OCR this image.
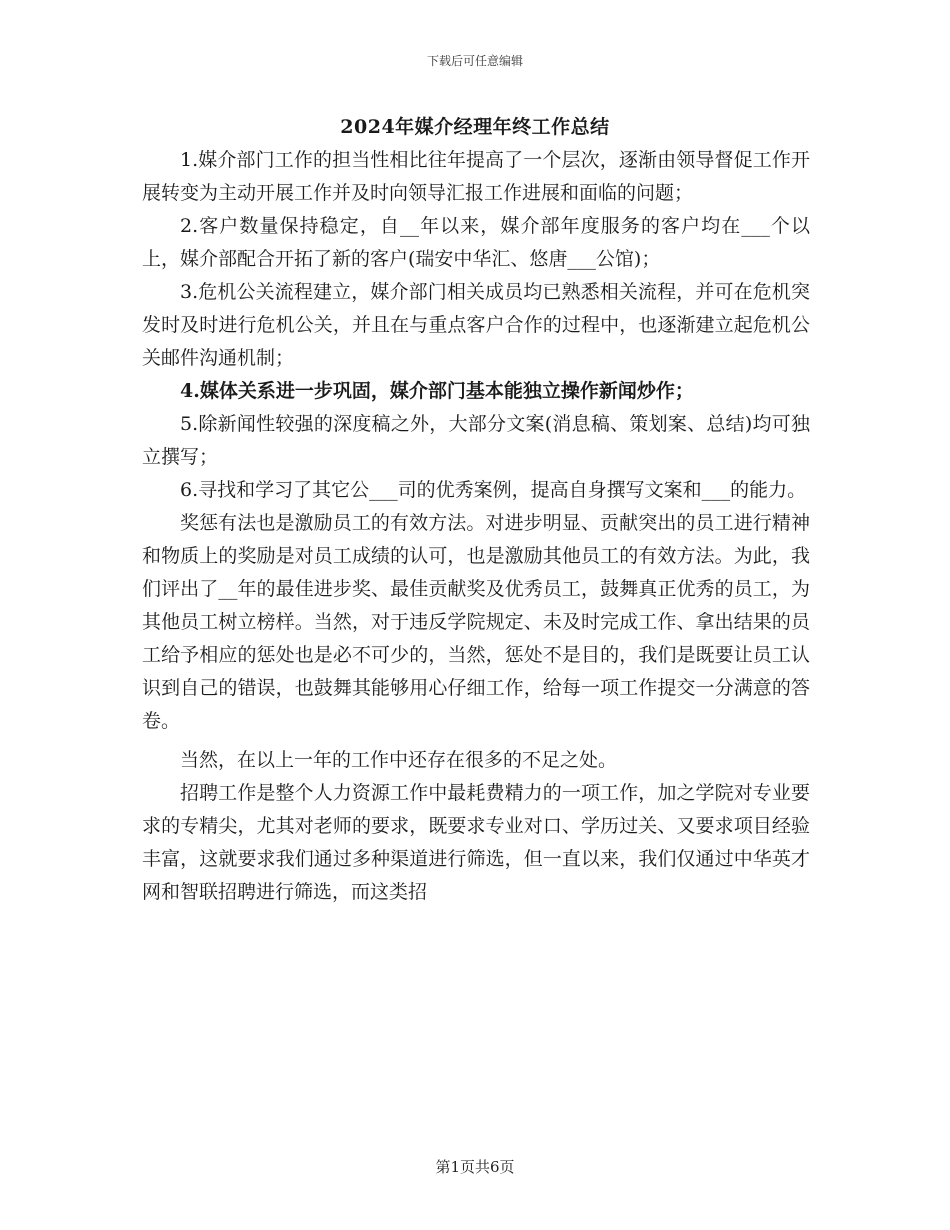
下载后可任意编辑
2024年媒介经理年终工作总结

1.媒介部门工作的担当性相比往年提高了一个层次，逐渐由领导督促工作开展转变为主动开展工作并及时向领导汇报工作进展和面临的问题；

2.客户数量保持稳定，自__年以来，媒介部年度服务的客户均在___个以上，媒介部配合开拓了新的客户(瑞安中华汇、悠唐___公馆)；

3.危机公关流程建立，媒介部门相关成员均已熟悉相关流程，并可在危机突发时及时进行危机公关，并且在与重点客户合作的过程中，也逐渐建立起危机公关邮件沟通机制；

4.媒体关系进一步巩固，媒介部门基本能独立操作新闻炒作；

5.除新闻性较强的深度稿之外，大部分文案(消息稿、策划案、总结)均可独立撰写；

6.寻找和学习了其它公___司的优秀案例，提高自身撰写文案和___的能力。

奖惩有法也是激励员工的有效方法。对进步明显、贡献突出的员工进行精神和物质上的奖励是对员工成绩的认可，也是激励其他员工的有效方法。为此，我们评出了__年的最佳进步奖、最佳贡献奖及优秀员工，鼓舞真正优秀的员工，为其他员工树立榜样。当然，对于违反学院规定、未及时完成工作、拿出结果的员工给予相应的惩处也是必不可少的，当然，惩处不是目的，我们是既要让员工认识到自己的错误，也鼓舞其能够用心仔细工作，给每一项工作提交一分满意的答卷。

当然，在以上一年的工作中还存在很多的不足之处。

招聘工作是整个人力资源工作中最耗费精力的一项工作，加之学院对专业要求的专精尖，尤其对老师的要求，既要求专业对口、学历过关、又要求项目经验丰富，这就要求我们通过多种渠道进行筛选，但一直以来，我们仅通过中华英才网和智联招聘进行筛选，而这类招

第1页共6页
